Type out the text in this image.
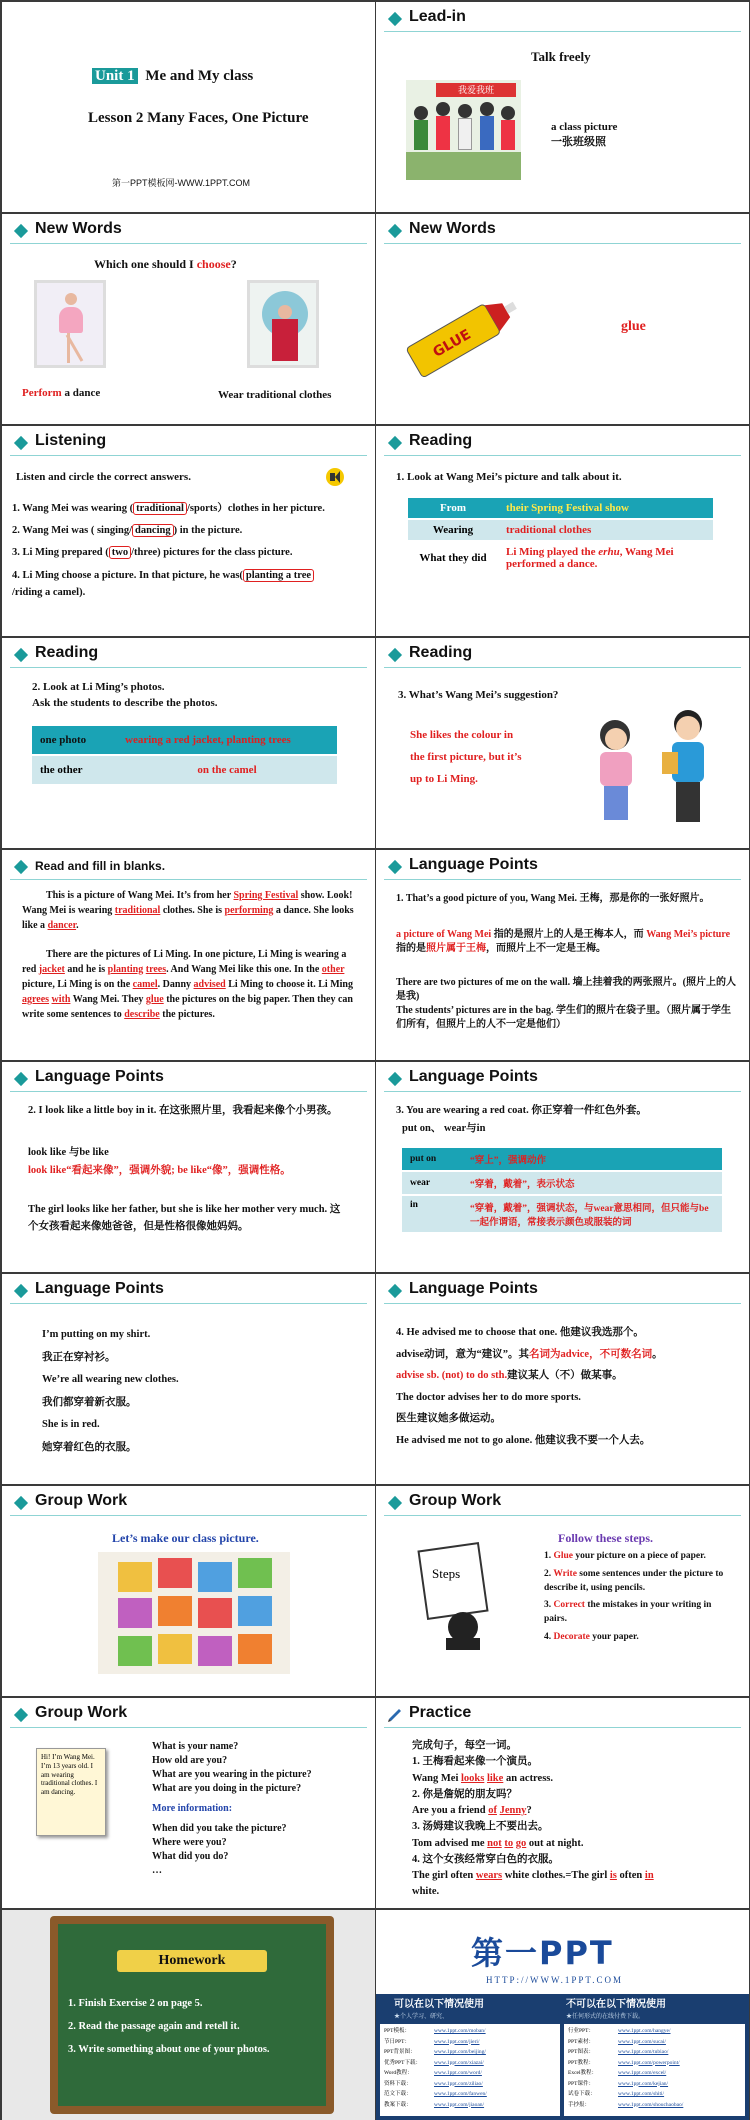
Unit 1 Me and My class
Lesson 2 Many Faces, One Picture
第一PPT模板网-WWW.1PPT.COM
Lead-in
Talk freely
我爱我班
a class picture
一张班级照
New Words
Which one should I choose?
Perform a dance	Wear traditional clothes
New Words
GLUE
glue
Listening
Listen and circle the correct answers.
1. Wang Mei was wearing ( traditional /sports）clothes in her picture.
2. Wang Mei was ( singing/ dancing ) in the picture.
3. Li Ming prepared ( two /three) pictures for the class picture.
4. Li Ming choose a picture. In that picture, he was( planting a tree
/riding a camel).
Reading
1. Look at Wang Mei’s picture and talk about it.
From	their Spring Festival show
Wearing	traditional clothes
What they did	Li Ming played the erhu, Wang Mei performed a dance.
Reading
2. Look at Li Ming’s photos.
Ask the students to describe the photos.
one photo	wearing a red jacket, planting trees
the other	on the camel
Reading
3. What’s Wang Mei’s suggestion?
She likes the colour in
the first picture, but it’s
up to Li Ming.
Read and fill in blanks.
This is a picture of Wang Mei. It’s from her Spring Festival show. Look! Wang Mei is wearing traditional clothes. She is performing a dance. She looks like a dancer.
There are the pictures of Li Ming. In one picture, Li Ming is wearing a red jacket and he is planting trees. And Wang Mei like this one. In the other picture, Li Ming is on the camel. Danny advised Li Ming to choose it. Li Ming agrees with Wang Mei. They glue the pictures on the big paper. Then they can write some sentences to describe the pictures.
Language Points
1. That’s a good picture of you, Wang Mei. 王梅，那是你的一张好照片。
a picture of Wang Mei 指的是照片上的人是王梅本人，而 Wang Mei’s picture 指的是照片属于王梅，而照片上不一定是王梅。
There are two pictures of me on the wall. 墙上挂着我的两张照片。(照片上的人是我)
The students’ pictures are in the bag. 学生们的照片在袋子里。（照片属于学生们所有，但照片上的人不一定是他们）
Language Points
2. I look like a little boy in it. 在这张照片里，我看起来像个小男孩。
look like 与be like
look like“看起来像”，强调外貌; be like“像”，强调性格。
The girl looks like her father, but she is like her mother very much. 这个女孩看起来像她爸爸，但是性格很像她妈妈。
Language Points
3. You are wearing a red coat. 你正穿着一件红色外套。
put on、 wear与in
put on	“穿上”，强调动作
wear	“穿着，戴着”，表示状态
in	“穿着，戴着”，强调状态，与wear意思相同，但只能与be一起作谓语，常接表示颜色或服装的词
Language Points
I’m putting on my shirt.
我正在穿衬衫。
We’re all wearing new clothes.
我们都穿着新衣服。
She is in red.
她穿着红色的衣服。
Language Points
4. He advised me to choose that one. 他建议我选那个。
advise动词，意为“建议”。其名词为advice，不可数名词。
advise sb. (not) to do sth.建议某人（不）做某事。
The doctor advises her to do more sports.
医生建议她多做运动。
He advised me not to go alone. 他建议我不要一个人去。
Group Work
Let’s make our class picture.
Group Work
Steps
Follow these steps.
1. Glue your picture on a piece of paper.
2. Write some sentences under the picture to describe it, using pencils.
3. Correct the mistakes in your writing in pairs.
4. Decorate your paper.
Group Work
Hi! I’m Wang Mei. I’m 13 years old. I am wearing traditional clothes. I am dancing.
What is your name?
How old are you?
What are you wearing in the picture?
What are you doing in the picture?
More information:
When did you take the picture?
Where were you?
What did you do?
…
Practice
完成句子，每空一词。
1. 王梅看起来像一个演员。
Wang Mei looks like an actress.
2. 你是詹妮的朋友吗？
Are you a friend of Jenny?
3. 汤姆建议我晚上不要出去。
Tom advised me not to go out at night.
4. 这个女孩经常穿白色的衣服。
The girl often wears white clothes.=The girl is often in
white.
Homework
1. Finish Exercise 2 on page 5.
2. Read the passage again and retell it.
3. Write something about one of your photos.
第一PPT
HTTP://WWW.1PPT.COM
可以在以下情况使用	不可以在以下情况使用
★个人学习、研究、	★任何形式的在线付费下载。
PPT模板：	www.1ppt.com/moban/
节日PPT：	www.1ppt.com/jieri/
PPT背景图：	www.1ppt.com/beijing/
优秀PPT下载： www.1ppt.com/xiazai/
Word教程：	www.1ppt.com/word/
资料下载：	www.1ppt.com/ziliao/
范文下载：	www.1ppt.com/fanwen/
教案下载：	www.1ppt.com/jiaoan/
行业PPT：	www.1ppt.com/hangye/
PPT素材：	www.1ppt.com/sucai/
PPT图表：	www.1ppt.com/tubiao/
PPT教程：	www.1ppt.com/powerpoint/
Excel教程：	www.1ppt.com/excel/
PPT课件：	www.1ppt.com/kejian/
试卷下载：	www.1ppt.com/shiti/
手抄报：	www.1ppt.com/shouchaobao/
